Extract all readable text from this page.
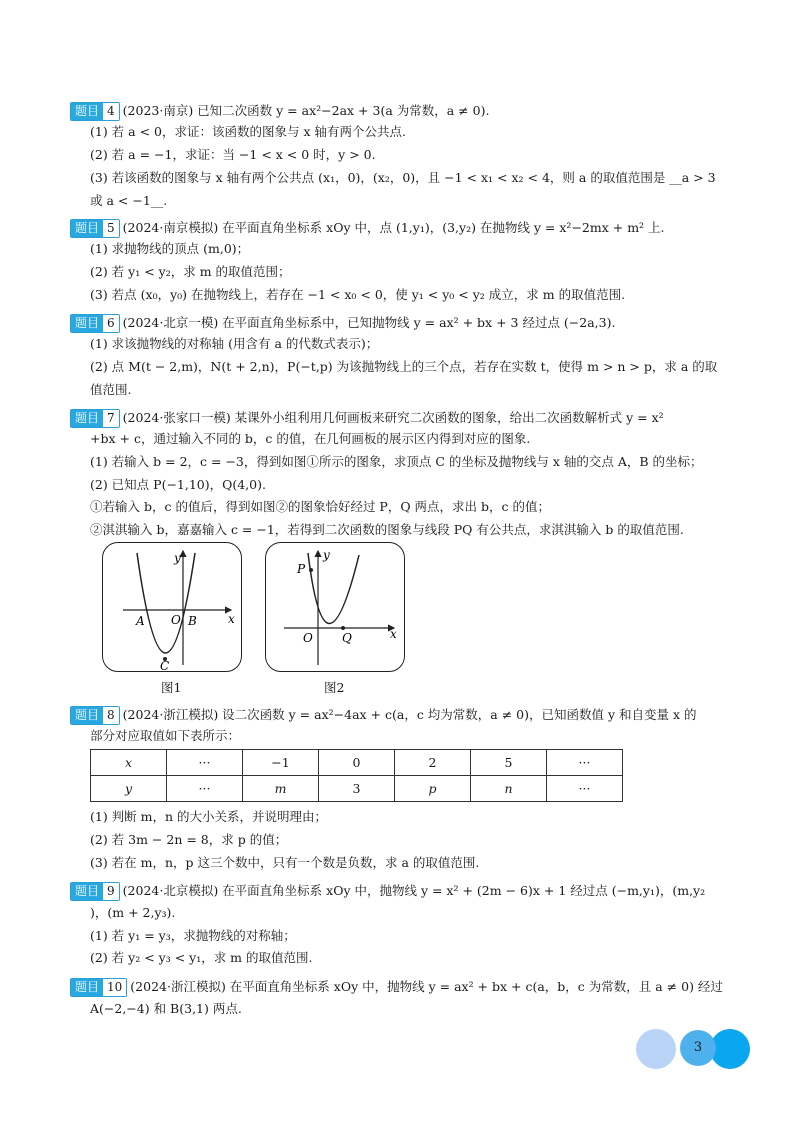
题目 4 (2023·南京) 已知二次函数 y = ax²−2ax + 3(a 为常数，a ≠ 0).
(1) 若 a < 0，求证：该函数的图象与 x 轴有两个公共点.
(2) 若 a = −1，求证：当 −1 < x < 0 时，y > 0.
(3) 若该函数的图象与 x 轴有两个公共点 (x₁，0)，(x₂，0)，且 −1 < x₁ < x₂ < 4，则 a 的取值范围是 __a > 3
或 a < −1__.
题目 5 (2024·南京模拟) 在平面直角坐标系 xOy 中，点 (1,y₁)，(3,y₂) 在抛物线 y = x²−2mx + m² 上.
(1) 求抛物线的顶点 (m,0)；
(2) 若 y₁ < y₂，求 m 的取值范围；
(3) 若点 (x₀，y₀) 在抛物线上，若存在 −1 < x₀ < 0，使 y₁ < y₀ < y₂ 成立，求 m 的取值范围.
题目 6 (2024·北京一模) 在平面直角坐标系中，已知抛物线 y = ax² + bx + 3 经过点 (−2a,3).
(1) 求该抛物线的对称轴 (用含有 a 的代数式表示)；
(2) 点 M(t − 2,m)，N(t + 2,n)，P(−t,p) 为该抛物线上的三个点，若存在实数 t，使得 m > n > p，求 a 的取
值范围.
题目 7 (2024·张家口一模) 某课外小组利用几何画板来研究二次函数的图象，给出二次函数解析式 y = x²
+bx + c，通过输入不同的 b，c 的值，在几何画板的展示区内得到对应的图象.
(1) 若输入 b = 2，c = −3，得到如图①所示的图象，求顶点 C 的坐标及抛物线与 x 轴的交点 A，B 的坐标；
(2) 已知点 P(−1,10)，Q(4,0).
①若输入 b，c 的值后，得到如图②的图象恰好经过 P，Q 两点，求出 b，c 的值；
②淇淇输入 b，嘉嘉输入 c = −1，若得到二次函数的图象与线段 PQ 有公共点，求淇淇输入 b 的取值范围.
y
x
A O B
C
图1
y
x
P
O Q
图2
题目 8 (2024·浙江模拟) 设二次函数 y = ax²−4ax + c(a，c 均为常数，a ≠ 0)，已知函数值 y 和自变量 x 的
部分对应取值如下表所示：
x	···	−1	0	2	5	···
y	···	m	3	p	n	···
(1) 判断 m，n 的大小关系，并说明理由；
(2) 若 3m − 2n = 8，求 p 的值；
(3) 若在 m，n，p 这三个数中，只有一个数是负数，求 a 的取值范围.
题目 9 (2024·北京模拟) 在平面直角坐标系 xOy 中，抛物线 y = x² + (2m − 6)x + 1 经过点 (−m,y₁)，(m,y₂
)，(m + 2,y₃).
(1) 若 y₁ = y₃，求抛物线的对称轴；
(2) 若 y₂ < y₃ < y₁，求 m 的取值范围.
题目 10 (2024·浙江模拟) 在平面直角坐标系 xOy 中，抛物线 y = ax² + bx + c(a，b，c 为常数，且 a ≠ 0) 经过
A(−2,−4) 和 B(3,1) 两点.
3
